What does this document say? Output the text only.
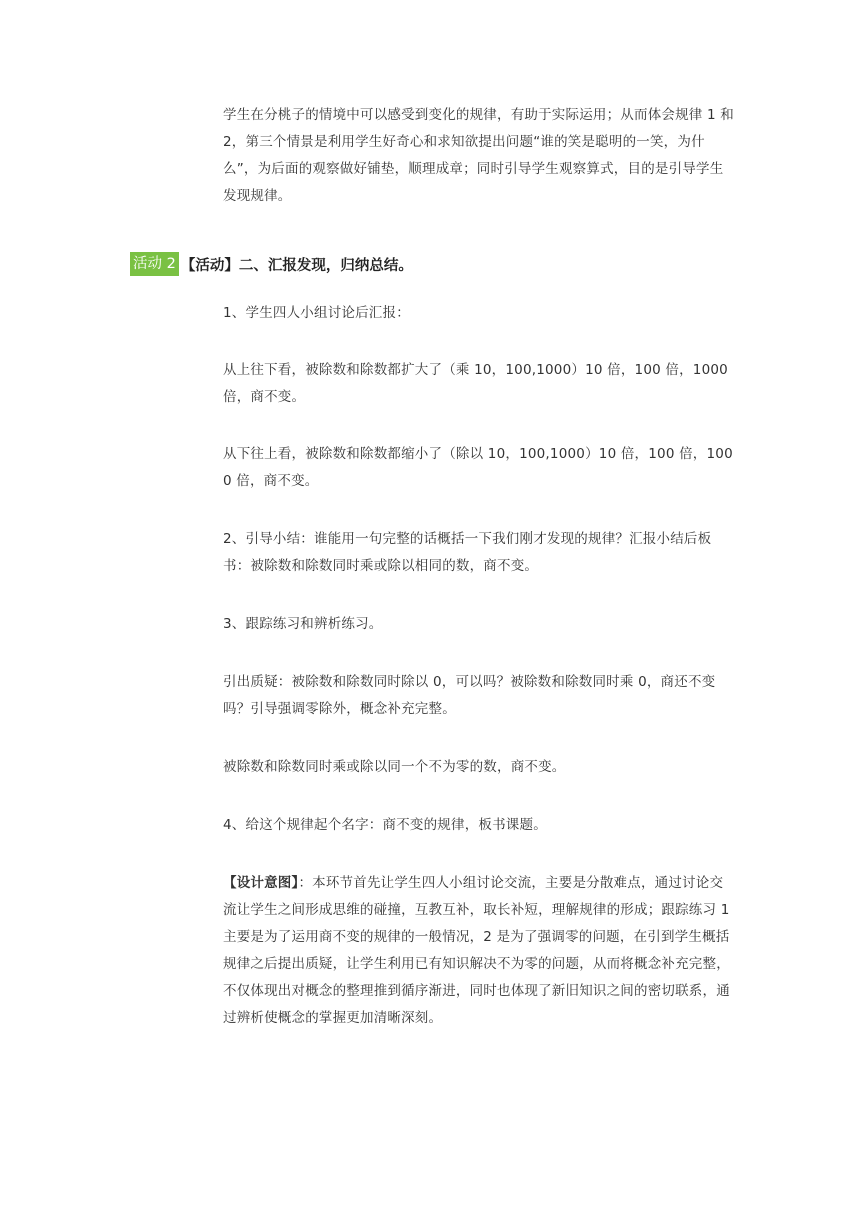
学生在分桃子的情境中可以感受到变化的规律，有助于实际运用；从而体会规律 1 和 2，第三个情景是利用学生好奇心和求知欲提出问题“谁的笑是聪明的一笑，为什么”，为后面的观察做好铺垫，顺理成章；同时引导学生观察算式，目的是引导学生发现规律。

活动 2 【活动】二、汇报发现，归纳总结。

1、学生四人小组讨论后汇报：

从上往下看，被除数和除数都扩大了（乘 10，100,1000）10 倍，100 倍，1000 倍，商不变。

从下往上看，被除数和除数都缩小了（除以 10，100,1000）10 倍，100 倍，1000 倍，商不变。

2、引导小结：谁能用一句完整的话概括一下我们刚才发现的规律？汇报小结后板书：被除数和除数同时乘或除以相同的数，商不变。

3、跟踪练习和辨析练习。

引出质疑：被除数和除数同时除以 0，可以吗？被除数和除数同时乘 0，商还不变吗？引导强调零除外，概念补充完整。

被除数和除数同时乘或除以同一个不为零的数，商不变。

4、给这个规律起个名字：商不变的规律，板书课题。

【设计意图】：本环节首先让学生四人小组讨论交流，主要是分散难点，通过讨论交流让学生之间形成思维的碰撞，互教互补，取长补短，理解规律的形成；跟踪练习 1 主要是为了运用商不变的规律的一般情况，2 是为了强调零的问题，在引到学生概括规律之后提出质疑，让学生利用已有知识解决不为零的问题，从而将概念补充完整，不仅体现出对概念的整理推到循序渐进，同时也体现了新旧知识之间的密切联系，通过辨析使概念的掌握更加清晰深刻。
